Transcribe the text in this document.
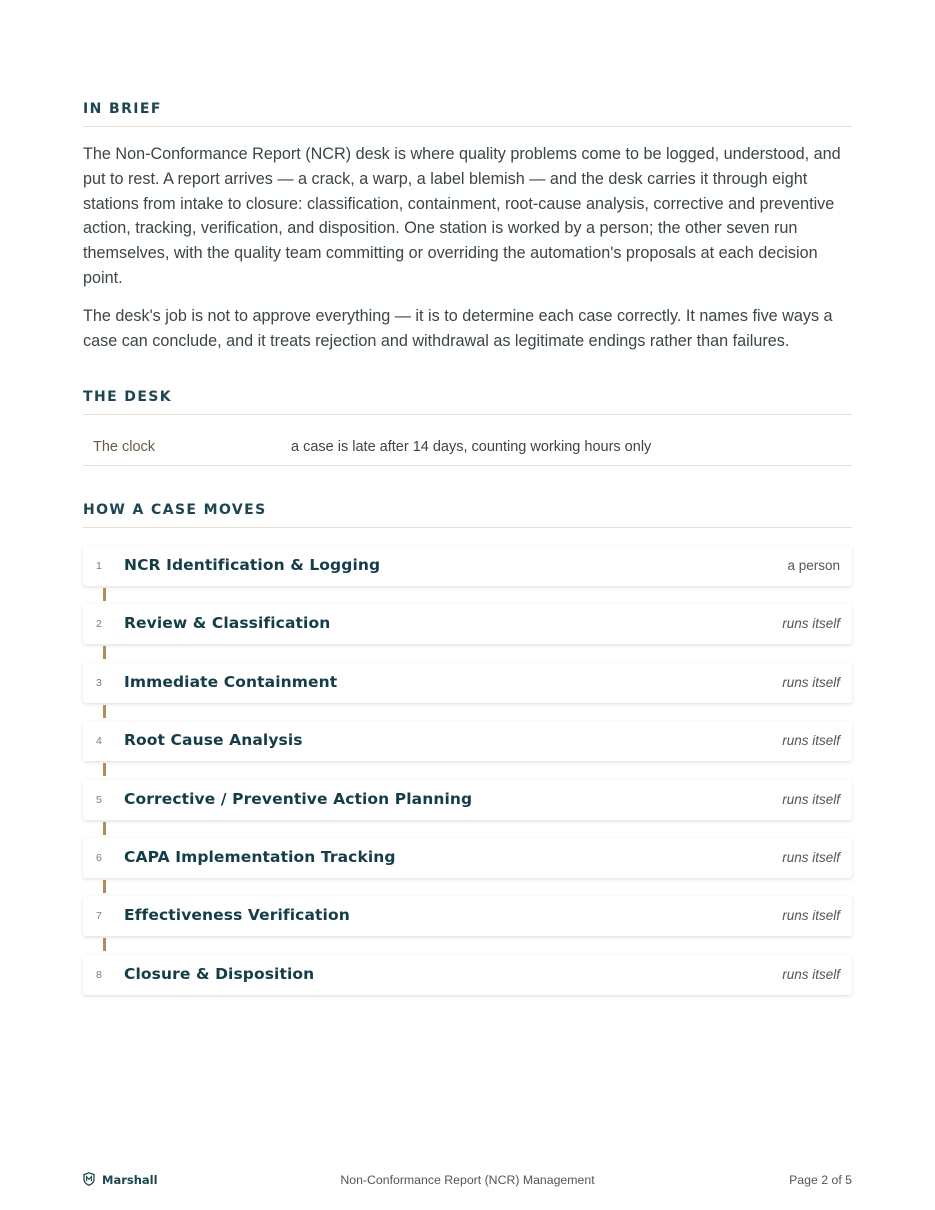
IN BRIEF

The Non-Conformance Report (NCR) desk is where quality problems come to be logged, understood, and put to rest. A report arrives — a crack, a warp, a label blemish — and the desk carries it through eight stations from intake to closure: classification, containment, root-cause analysis, corrective and preventive action, tracking, verification, and disposition. One station is worked by a person; the other seven run themselves, with the quality team committing or overriding the automation's proposals at each decision point.

The desk's job is not to approve everything — it is to determine each case correctly. It names five ways a case can conclude, and it treats rejection and withdrawal as legitimate endings rather than failures.

THE DESK
The clock	a case is late after 14 days, counting working hours only
HOW A CASE MOVES
1 NCR Identification & Logging	a person
2 Review & Classification	runs itself
3 Immediate Containment	runs itself
4 Root Cause Analysis	runs itself
5 Corrective / Preventive Action Planning	runs itself
6 CAPA Implementation Tracking	runs itself
7 Effectiveness Verification	runs itself
8 Closure & Disposition	runs itself
Marshall	Non-Conformance Report (NCR) Management	Page 2 of 5
